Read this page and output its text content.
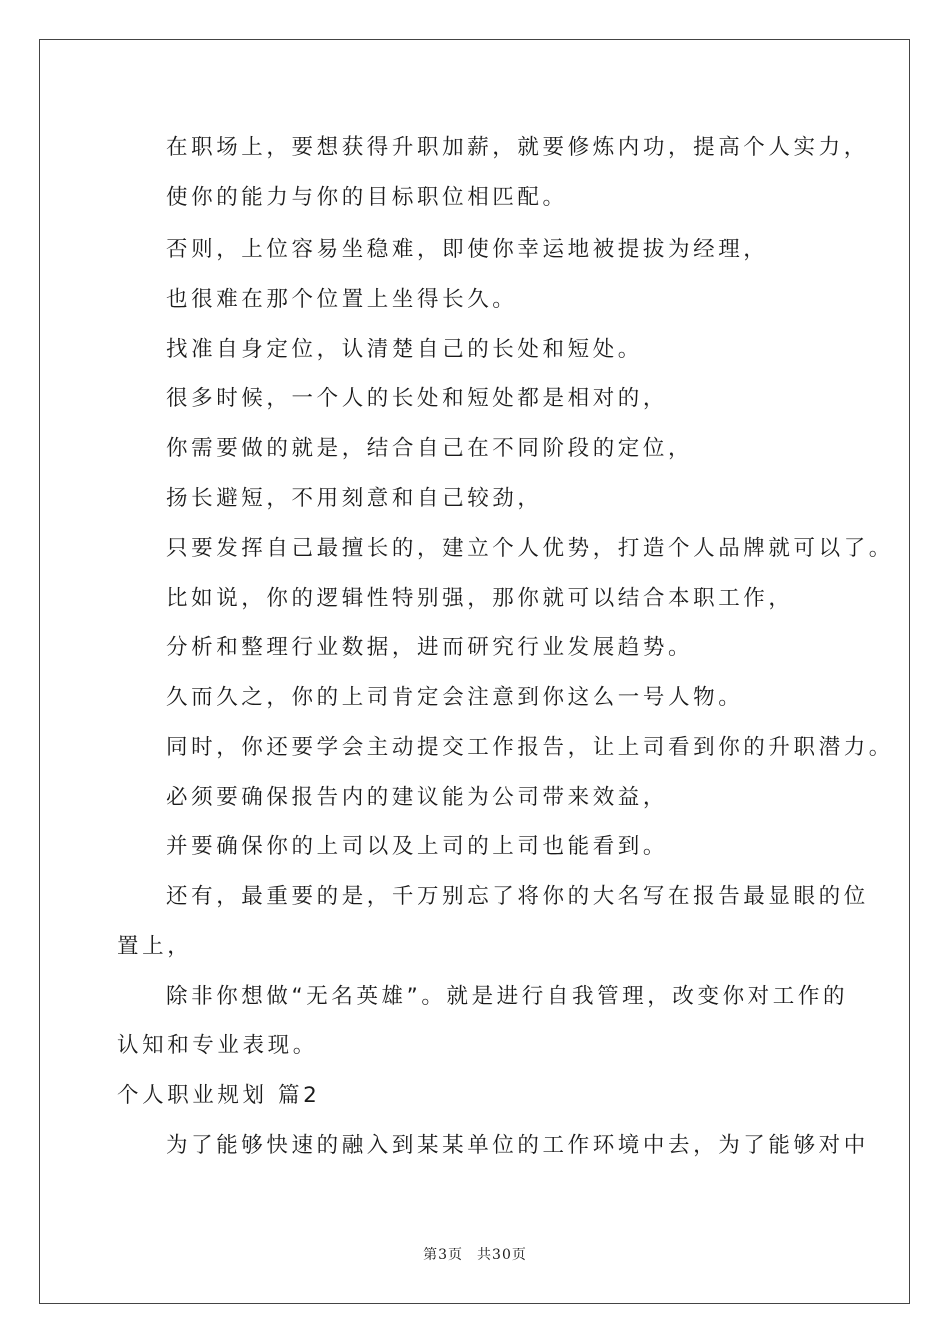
在职场上，要想获得升职加薪，就要修炼内功，提高个人实力，
使你的能力与你的目标职位相匹配。
否则，上位容易坐稳难，即使你幸运地被提拔为经理，
也很难在那个位置上坐得长久。
找准自身定位，认清楚自己的长处和短处。
很多时候，一个人的长处和短处都是相对的，
你需要做的就是，结合自己在不同阶段的定位，
扬长避短，不用刻意和自己较劲，
只要发挥自己最擅长的，建立个人优势，打造个人品牌就可以了。
比如说，你的逻辑性特别强，那你就可以结合本职工作，
分析和整理行业数据，进而研究行业发展趋势。
久而久之，你的上司肯定会注意到你这么一号人物。
同时，你还要学会主动提交工作报告，让上司看到你的升职潜力。
必须要确保报告内的建议能为公司带来效益，
并要确保你的上司以及上司的上司也能看到。
还有，最重要的是，千万别忘了将你的大名写在报告最显眼的位
置上，
除非你想做“无名英雄”。就是进行自我管理，改变你对工作的
认知和专业表现。
个人职业规划 篇2
为了能够快速的融入到某某单位的工作环境中去，为了能够对中
第3页 共30页
